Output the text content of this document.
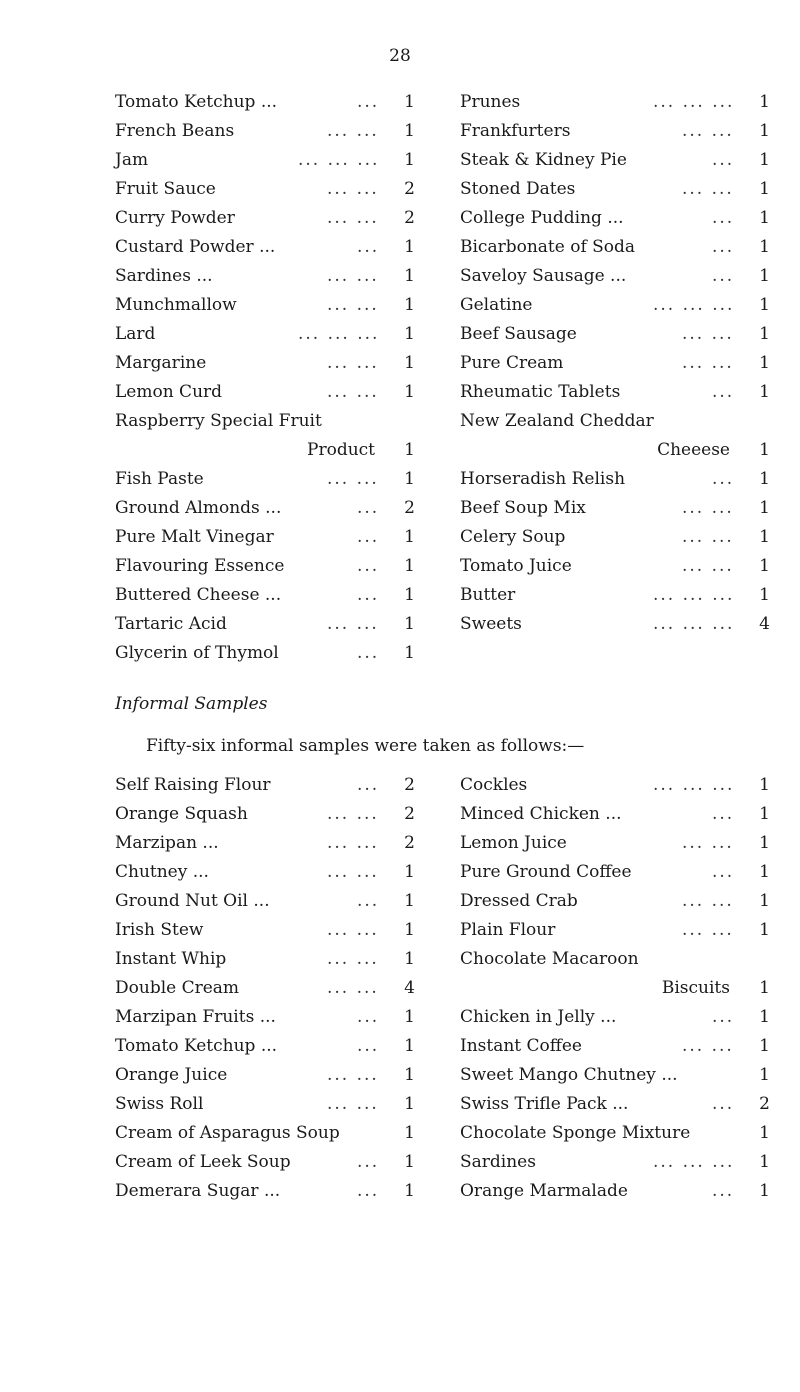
28
Tomato Ketchup ...	... 1
French Beans	... ... 1
Jam	... ... ... 1
Fruit Sauce	... ... 2
Curry Powder	... ... 2
Custard Powder ...	... 1
Sardines ...	... ... 1
Munchmallow	... ... 1
Lard	... ... ... 1
Margarine	... ... 1
Lemon Curd	... ... 1
Raspberry Special Fruit
Product 1
Fish Paste	... ... 1
Ground Almonds ...	... 2
Pure Malt Vinegar	... 1
Flavouring Essence	... 1
Buttered Cheese ...	... 1
Tartaric Acid	... ... 1
Glycerin of Thymol	... 1
Prunes	... ... ... 1
Frankfurters	... ... 1
Steak & Kidney Pie	... 1
Stoned Dates	... ... 1
College Pudding ...	... 1
Bicarbonate of Soda	... 1
Saveloy Sausage ...	... 1
Gelatine	... ... ... 1
Beef Sausage	... ... 1
Pure Cream	... ... 1
Rheumatic Tablets	... 1
New Zealand Cheddar
Cheeese 1
Horseradish Relish	... 1
Beef Soup Mix	... ... 1
Celery Soup	... ... 1
Tomato Juice	... ... 1
Butter	... ... ... 1
Sweets	... ... ... 4
Informal Samples
Fifty-six informal samples were taken as follows:—
Self Raising Flour	... 2
Orange Squash	... ... 2
Marzipan ...	... ... 2
Chutney ...	... ... 1
Ground Nut Oil ...	... 1
Irish Stew	... ... 1
Instant Whip	... ... 1
Double Cream	... ... 4
Marzipan Fruits ...	... 1
Tomato Ketchup ...	... 1
Orange Juice	... ... 1
Swiss Roll	... ... 1
Cream of Asparagus Soup	1
Cream of Leek Soup	... 1
Demerara Sugar ...	... 1
Cockles	... ... ... 1
Minced Chicken ...	... 1
Lemon Juice	... ... 1
Pure Ground Coffee	... 1
Dressed Crab	... ... 1
Plain Flour	... ... 1
Chocolate Macaroon
Biscuits 1
Chicken in Jelly ...	... 1
Instant Coffee	... ... 1
Sweet Mango Chutney ...	1
Swiss Trifle Pack ...	... 2
Chocolate Sponge Mixture	1
Sardines	... ... ... 1
Orange Marmalade	... 1
